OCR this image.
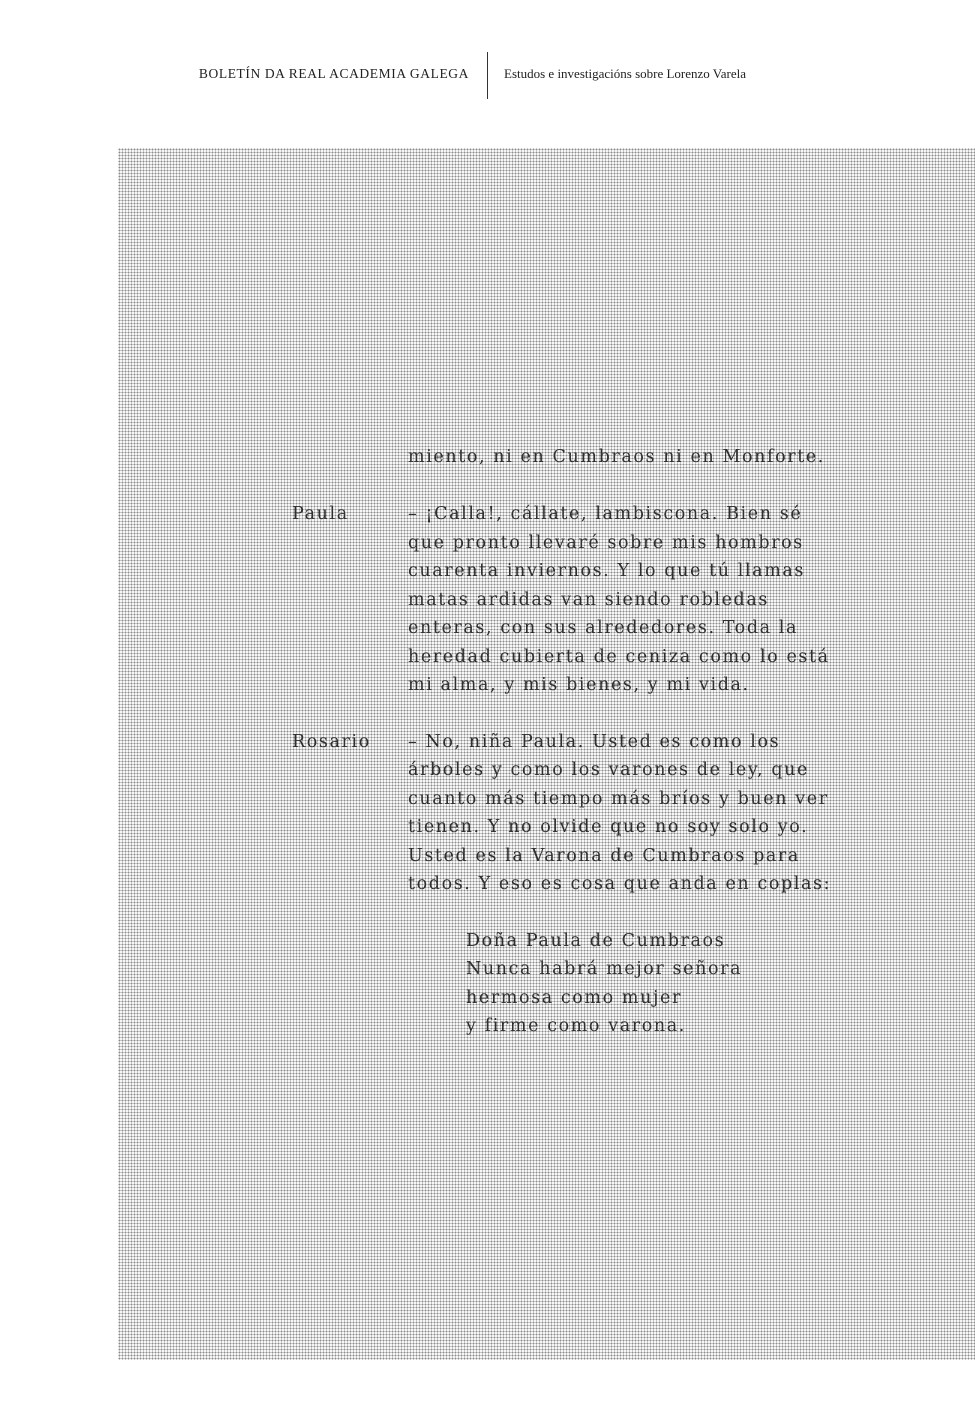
BOLETÍN DA REAL ACADEMIA GALEGA	Estudos e investigacións sobre Lorenzo Varela
miento, ni en Cumbraos ni en Monforte.
Paula	– ¡Calla!, cállate, lambiscona. Bien sé
que pronto llevaré sobre mis hombros
cuarenta inviernos. Y lo que tú llamas
matas ardidas van siendo robledas
enteras, con sus alrededores. Toda la
heredad cubierta de ceniza como lo está
mi alma, y mis bienes, y mi vida.
Rosario – No, niña Paula. Usted es como los
árboles y como los varones de ley, que
cuanto más tiempo más bríos y buen ver
tienen. Y no olvide que no soy solo yo.
Usted es la Varona de Cumbraos para
todos. Y eso es cosa que anda en coplas:
Doña Paula de Cumbraos
Nunca habrá mejor señora
hermosa como mujer
y firme como varona.
